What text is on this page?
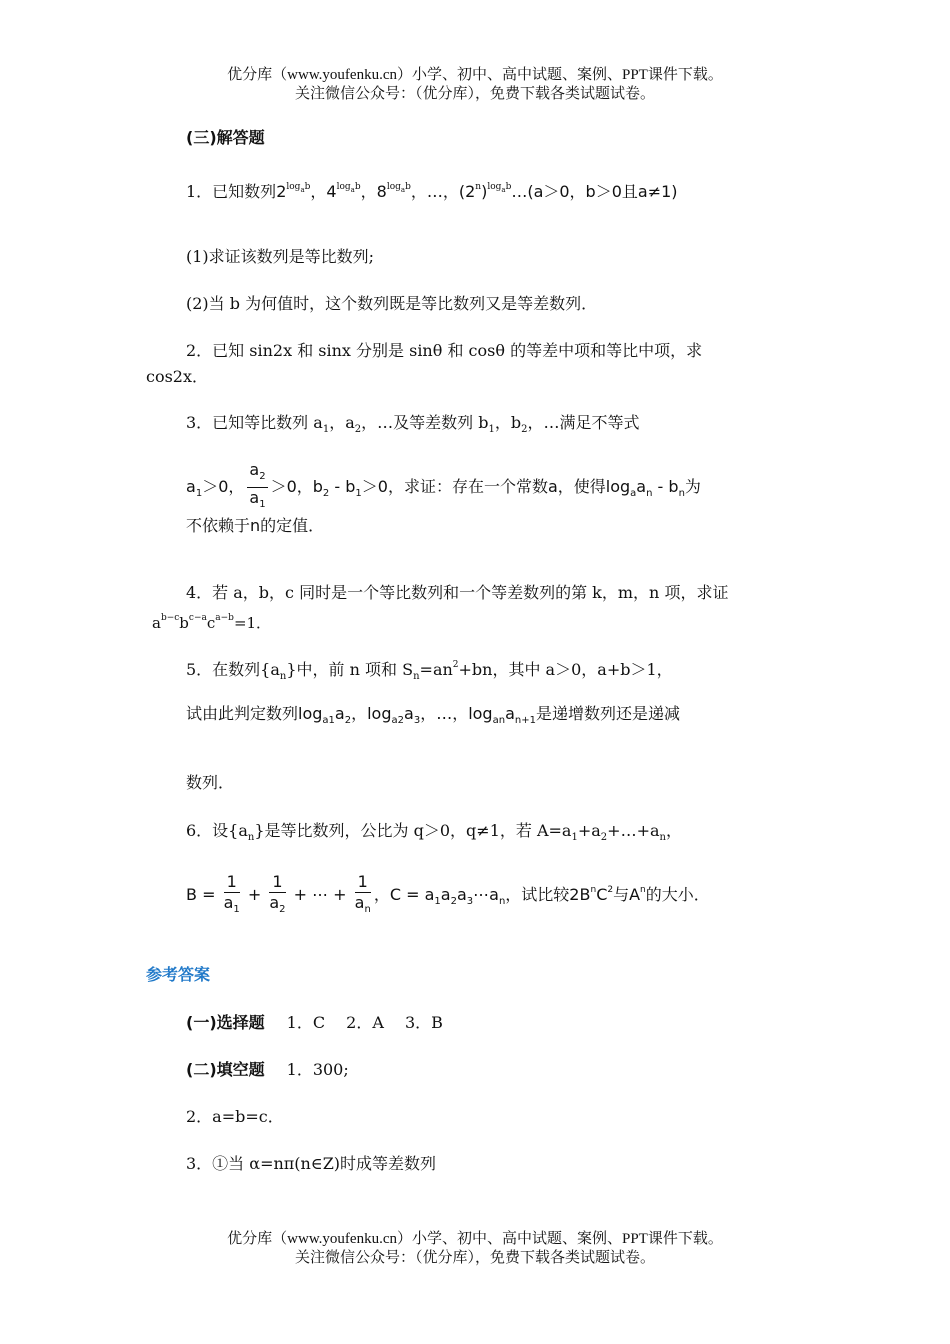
优分库（www.youfenku.cn）小学、初中、高中试题、案例、PPT课件下载。
关注微信公众号：（优分库），免费下载各类试题试卷。
(三)解答题
1．已知数列$2^{log_ab}$，$4^{log_ab}$，$8^{log_ab}$，…，$(2^n)^{log_ab}\dots(a>0$，b＞0且a≠1)
(1)求证该数列是等比数列;
(2)当 b 为何值时，这个数列既是等比数列又是等差数列．
2．已知 sin2x 和 sinx 分别是 sinθ 和 cosθ 的等差中项和等比中项，求
cos2x．
3．已知等比数列 $a_1$，$a_2$，…及等差数列 $b_1$，$b_2$，…满足不等式
$a_1>0$， $\frac{a_2}{a_1} >0$，$b_2 - b_1>0$，求证：存在一个常数a，使得$\log_aa_n - b_n$为
不依赖于n的定值．
4．若 a，b，c 同时是一个等比数列和一个等差数列的第 k，m，n 项，求证
$a^{b-c}b^{c-a}c^{a-b}=1$．
5．在数列$\{a_n\}$中，前 n 项和 $S_n=an^2+bn$，其中 a＞0，a+b＞1，
试由此判定数列$\log_{a1}a_2$，$\log_{a2}a_3$，…，$\log_{an}a_{n+1}$是递增数列还是递减
数列．
6．设$\{a_n\}$是等比数列，公比为 q＞0，q≠1，若 $A=a_1+a_2+\dots+a_n$，
$B = \frac{1}{a_1} + \frac{1}{a_2}$ + ⋯ + $\frac{1}{a_n}$ ，$C = a_1a_2a_3\cdots a_n$，试比较$2B^nC^2$与$A^n$的大小．
参考答案
(一)选择题 1．C　 2．A　 3．B
(二)填空题 1．300;
2．a=b=c．
3．①当 α=nπ(n∈Z)时成等差数列
优分库（www.youfenku.cn）小学、初中、高中试题、案例、PPT课件下载。
关注微信公众号：（优分库），免费下载各类试题试卷。
